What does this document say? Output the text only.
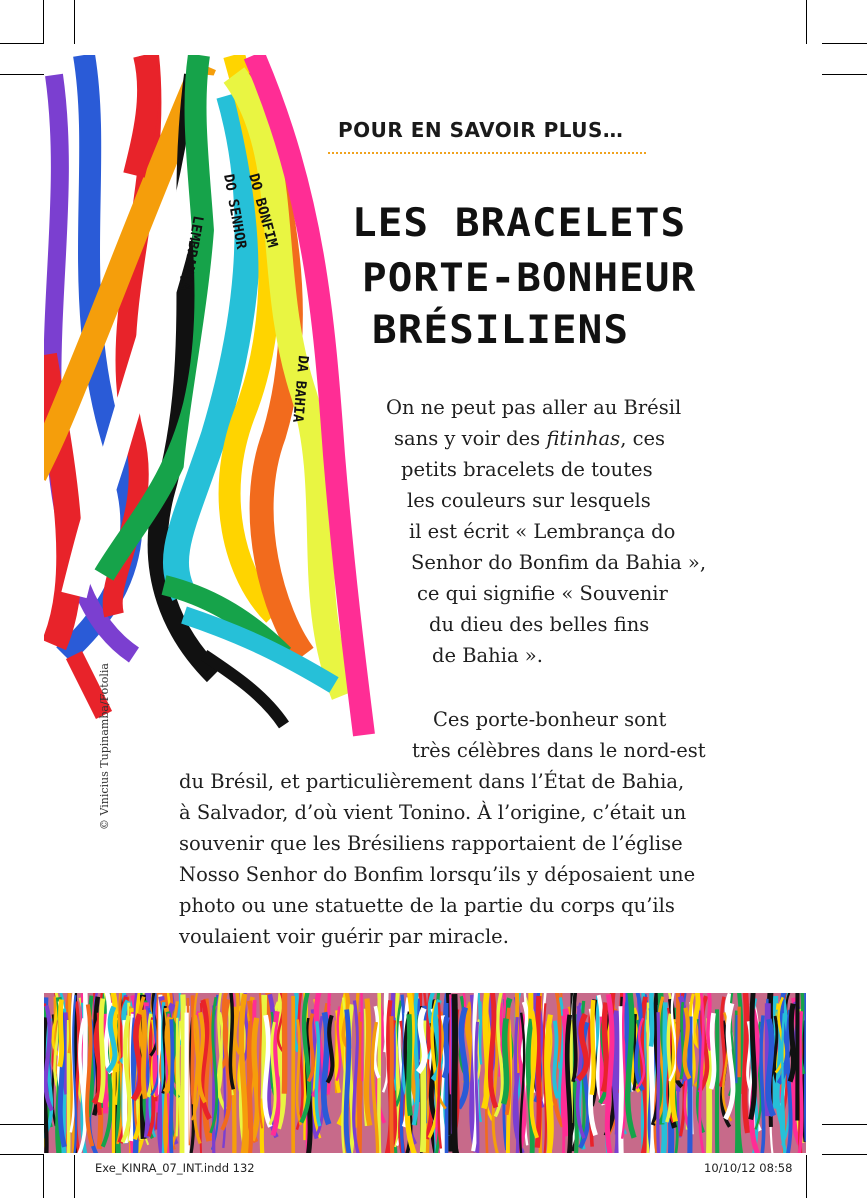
DO SENHOR
LEMBRANÇA
DO BONFIM
DA BAHIA
© Vinicius Tupinamba/Fotolia
POUR EN SAVOIR PLUS…
LES BRACELETS
PORTE-BONHEUR
BRÉSILIENS
On ne peut pas aller au Brésil
sans y voir des fitinhas, ces
petits bracelets de toutes
les couleurs sur lesquels
il est écrit « Lembrança do
Senhor do Bonfim da Bahia »,
ce qui signifie « Souvenir
du dieu des belles fins
de Bahia ».
Ces porte-bonheur sont
très célèbres dans le nord-est
du Brésil, et particulièrement dans l’État de Bahia,
à Salvador, d’où vient Tonino. À l’origine, c’était un
souvenir que les Brésiliens rapportaient de l’église
Nosso Senhor do Bonfim lorsqu’ils y déposaient une
photo ou une statuette de la partie du corps qu’ils
voulaient voir guérir par miracle.
Exe_KINRA_07_INT.indd 132	10/10/12 08:58
